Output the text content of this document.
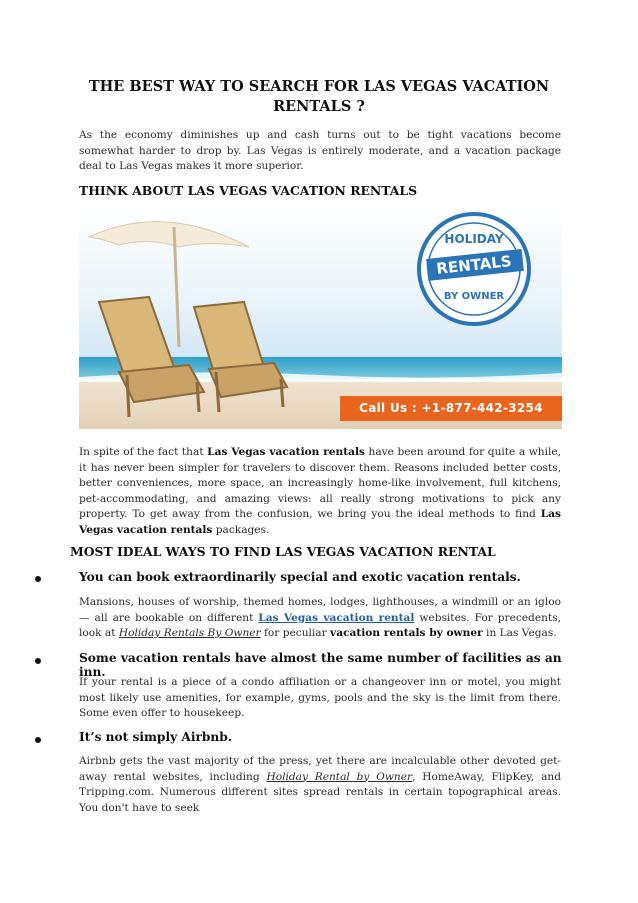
THE BEST WAY TO SEARCH FOR LAS VEGAS VACATION
RENTALS ?
As the economy diminishes up and cash turns out to be tight vacations become somewhat harder to drop by. Las Vegas is entirely moderate, and a vacation package deal to Las Vegas makes it more superior.
THINK ABOUT LAS VEGAS VACATION RENTALS
HOLIDAY
RENTALS
BY OWNER
Call Us : +1-877-442-3254
In spite of the fact that Las Vegas vacation rentals have been around for quite a while, it has never been simpler for travelers to discover them. Reasons included better costs, better conveniences, more space, an increasingly home-like involvement, full kitchens, pet-accommodating, and amazing views: all really strong motivations to pick any property. To get away from the confusion, we bring you the ideal methods to find Las Vegas vacation rentals packages.
MOST IDEAL WAYS TO FIND LAS VEGAS VACATION RENTAL
You can book extraordinarily special and exotic vacation rentals.
Mansions, houses of worship, themed homes, lodges, lighthouses, a windmill or an igloo — all are bookable on different Las Vegas vacation rental websites. For precedents, look at Holiday Rentals By Owner for peculiar vacation rentals by owner in Las Vegas.
Some vacation rentals have almost the same number of facilities as an inn.
If your rental is a piece of a condo affiliation or a changeover inn or motel, you might most likely use amenities, for example, gyms, pools and the sky is the limit from there. Some even offer to housekeep.
It’s not simply Airbnb.
Airbnb gets the vast majority of the press, yet there are incalculable other devoted get-away rental websites, including Holiday Rental by Owner, HomeAway, FlipKey, and Tripping.com. Numerous different sites spread rentals in certain topographical areas. You don't have to seek
